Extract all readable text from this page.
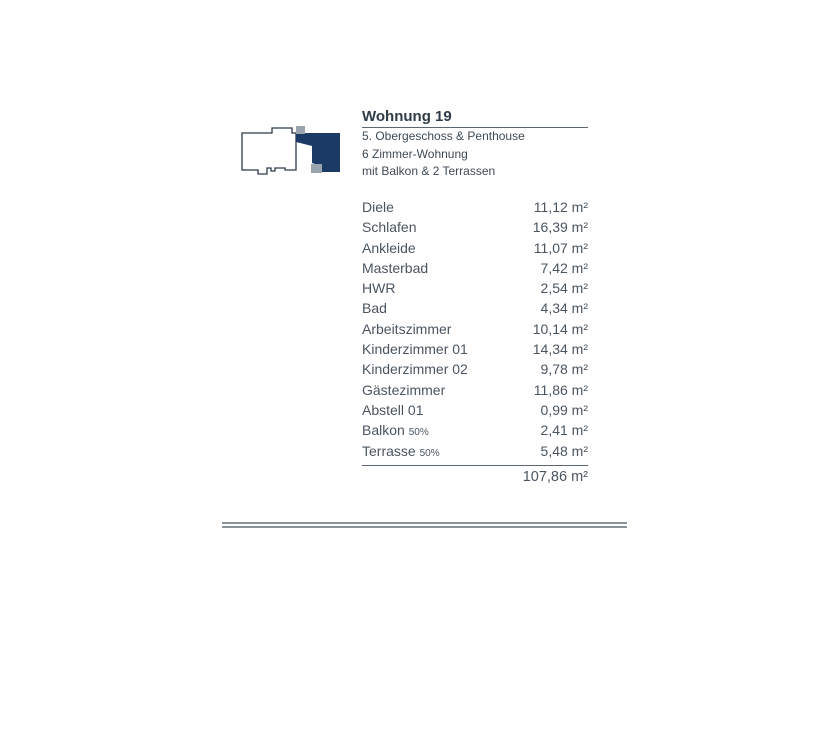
Wohnung 19
5. Obergeschoss & Penthouse
6 Zimmer-Wohnung
mit Balkon & 2 Terrassen
Diele	11,12 m²
Schlafen	16,39 m²
Ankleide	11,07 m²
Masterbad	7,42 m²
HWR	2,54 m²
Bad	4,34 m²
Arbeitszimmer	10,14 m²
Kinderzimmer 01	14,34 m²
Kinderzimmer 02	9,78 m²
Gästezimmer	11,86 m²
Abstell 01	0,99 m²
Balkon 50%	2,41 m²
Terrasse 50%	5,48 m²
107,86 m²
